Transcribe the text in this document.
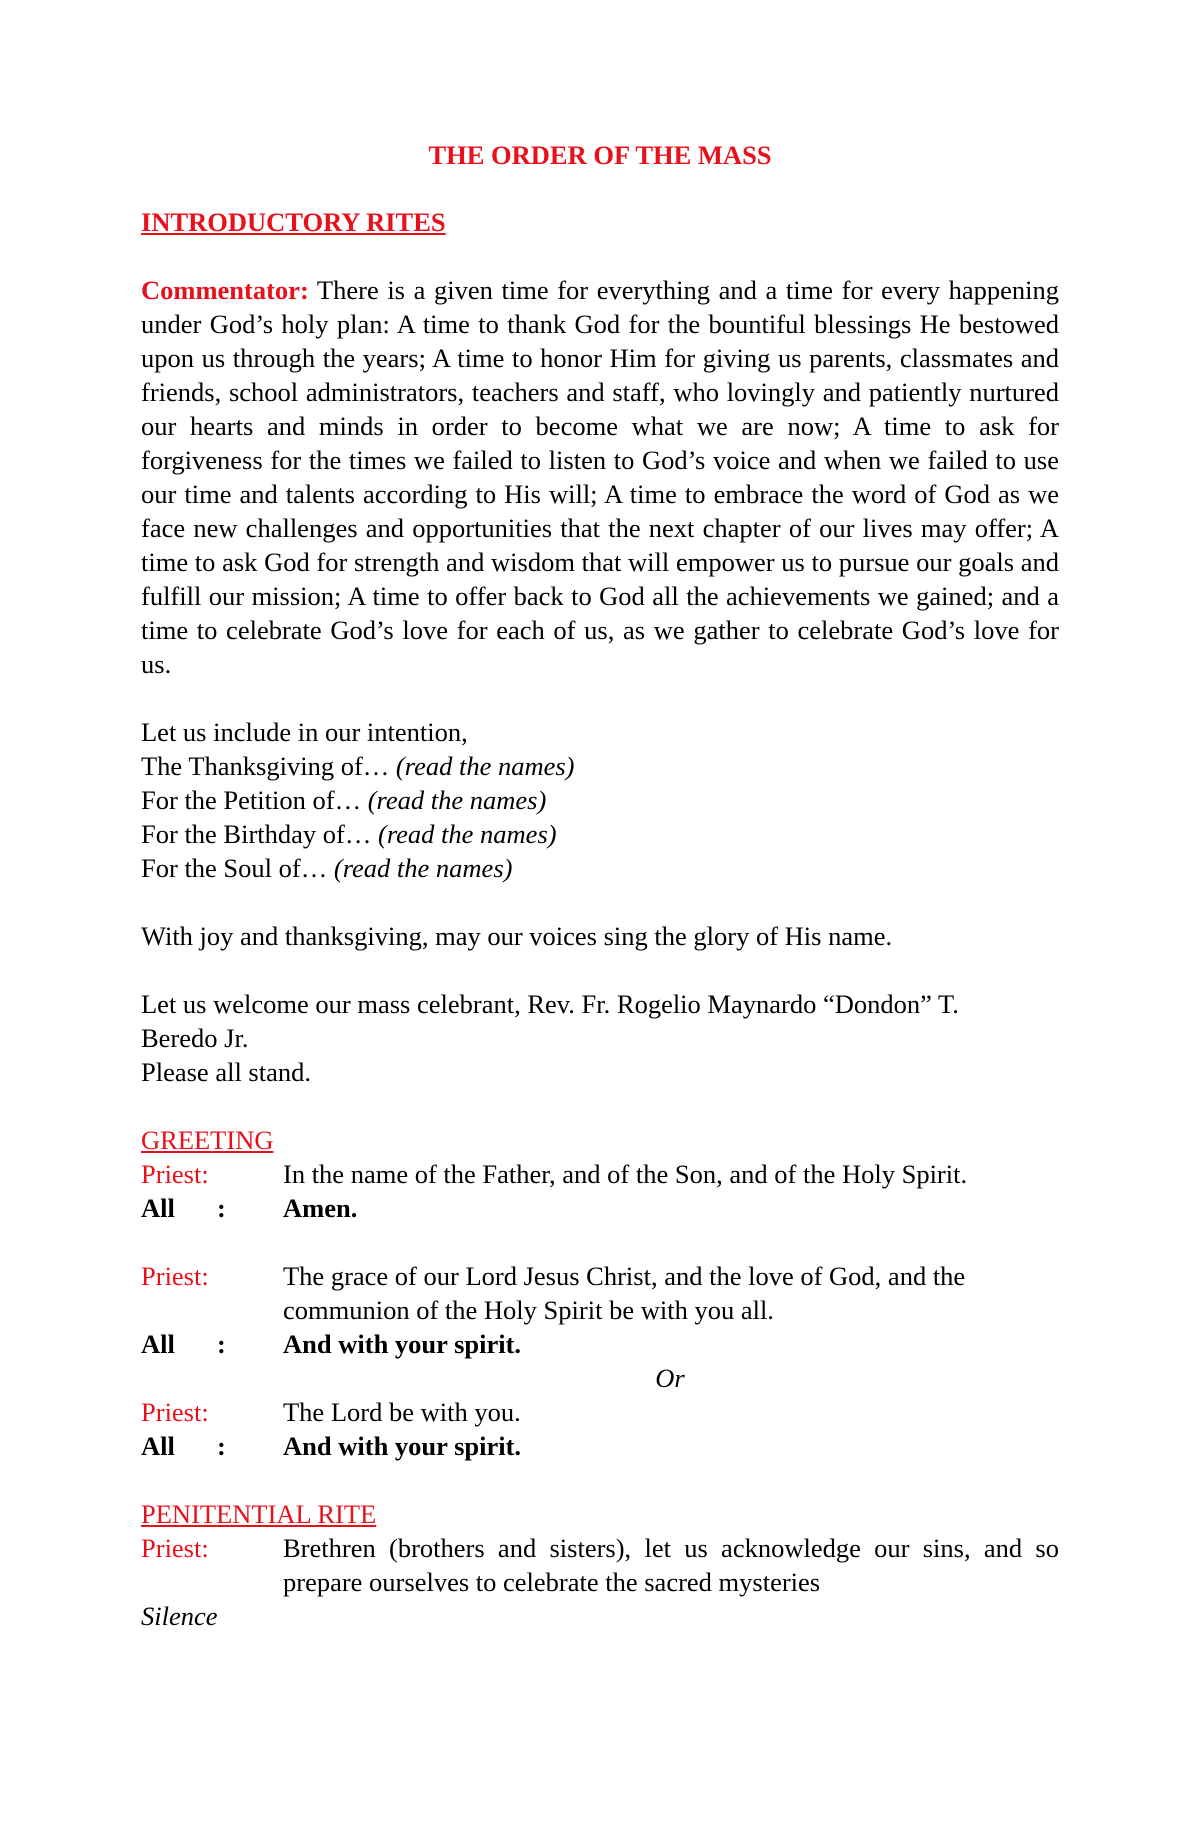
THE ORDER OF THE MASS

INTRODUCTORY RITES

Commentator: There is a given time for everything and a time for every happening under God’s holy plan: A time to thank God for the bountiful blessings He bestowed upon us through the years; A time to honor Him for giving us parents, classmates and friends, school administrators, teachers and staff, who lovingly and patiently nurtured our hearts and minds in order to become what we are now; A time to ask for forgiveness for the times we failed to listen to God’s voice and when we failed to use our time and talents according to His will; A time to embrace the word of God as we face new challenges and opportunities that the next chapter of our lives may offer; A time to ask God for strength and wisdom that will empower us to pursue our goals and fulfill our mission; A time to offer back to God all the achievements we gained; and a time to celebrate God’s love for each of us, as we gather to celebrate God’s love for us.

Let us include in our intention,

The Thanksgiving of… (read the names)

For the Petition of… (read the names)

For the Birthday of… (read the names)

For the Soul of… (read the names)

With joy and thanksgiving, may our voices sing the glory of His name.

Let us welcome our mass celebrant, Rev. Fr. Rogelio Maynardo “Dondon” T.

Beredo Jr.

Please all stand.

GREETING

Priest:	In the name of the Father, and of the Son, and of the Holy Spirit.
All	: Amen.
Priest:	The grace of our Lord Jesus Christ, and the love of God, and the communion of the Holy Spirit be with you all.
All	: And with your spirit.

Or

Priest:	The Lord be with you.
All	: And with your spirit.

PENITENTIAL RITE

Priest:	Brethren (brothers and sisters), let us acknowledge our sins, and so prepare ourselves to celebrate the sacred mysteries

Silence
